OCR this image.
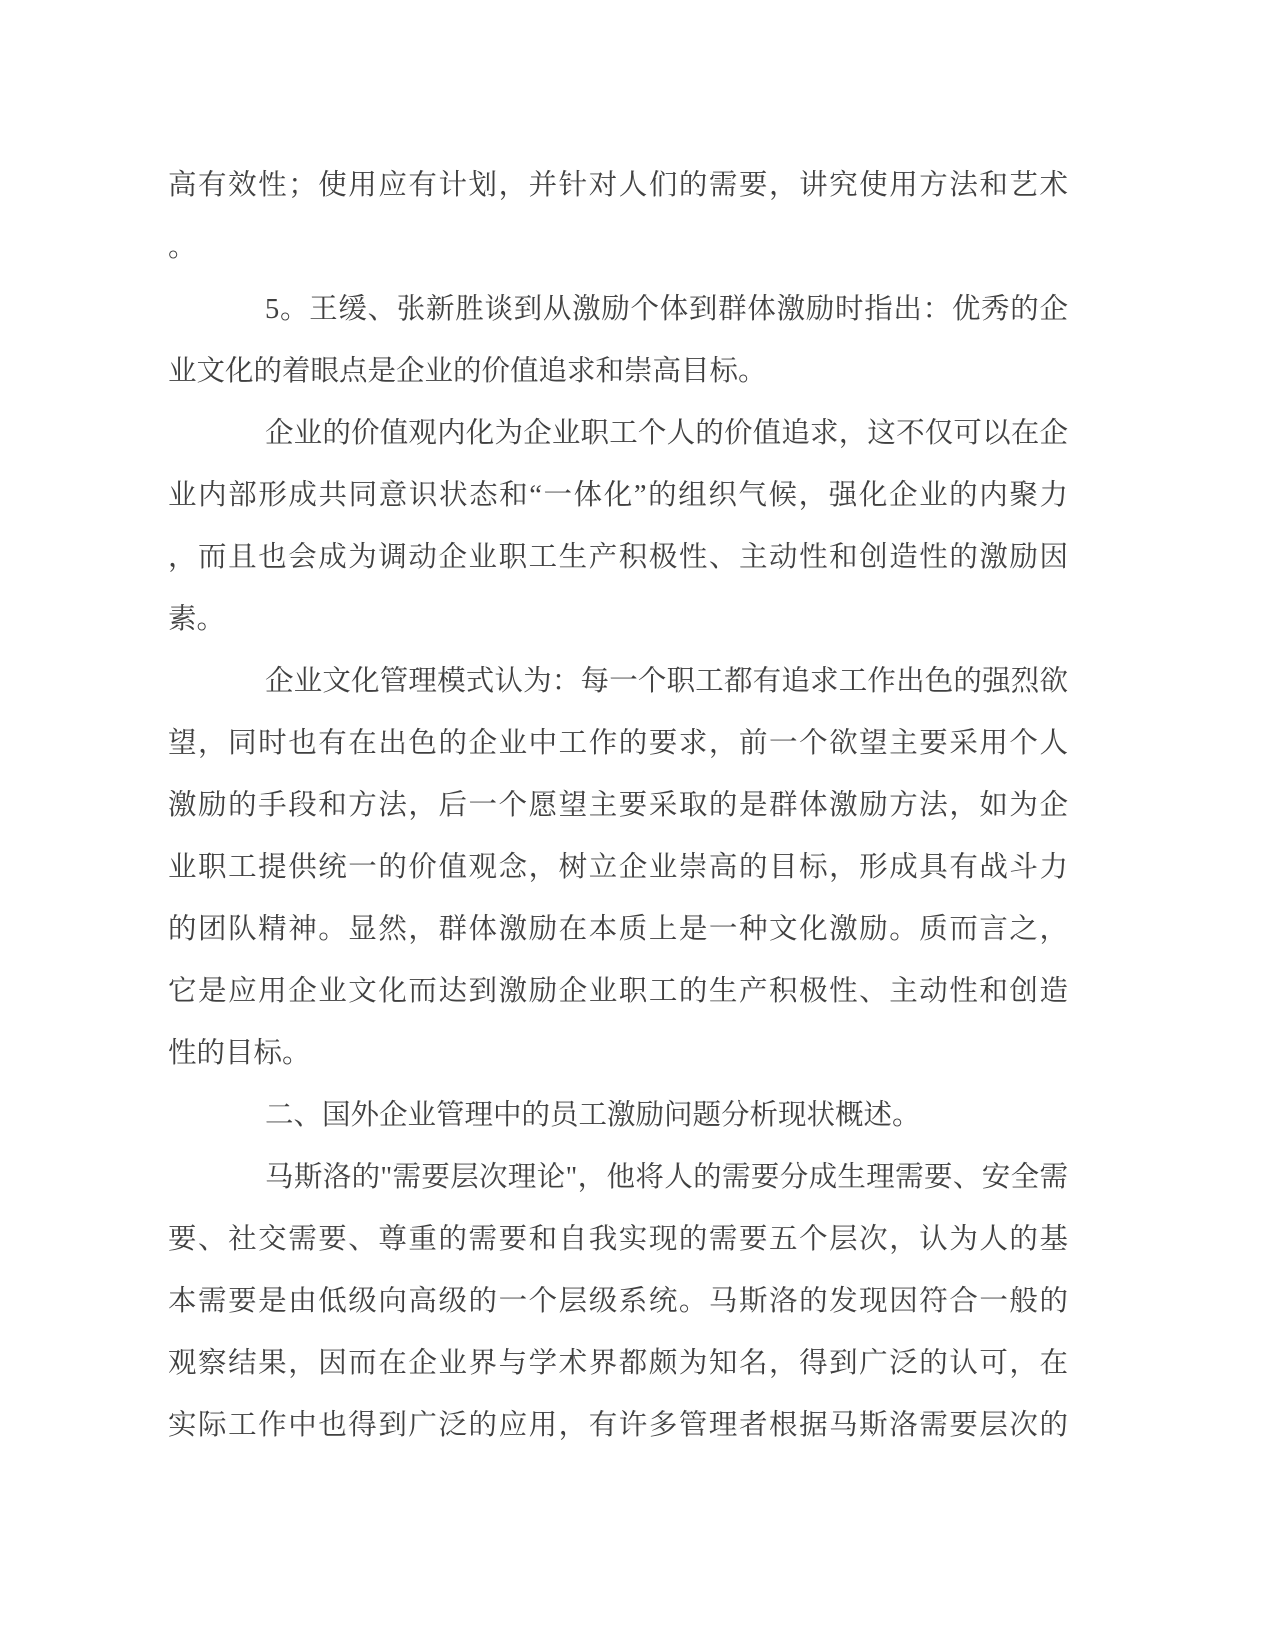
高有效性；使用应有计划，并针对人们的需要，讲究使用方法和艺术
。
5。王缓、张新胜谈到从激励个体到群体激励时指出：优秀的企
业文化的着眼点是企业的价值追求和崇高目标。
企业的价值观内化为企业职工个人的价值追求，这不仅可以在企
业内部形成共同意识状态和“一体化”的组织气候，强化企业的内聚力
，而且也会成为调动企业职工生产积极性、主动性和创造性的激励因
素。
企业文化管理模式认为：每一个职工都有追求工作出色的强烈欲
望，同时也有在出色的企业中工作的要求，前一个欲望主要采用个人
激励的手段和方法，后一个愿望主要采取的是群体激励方法，如为企
业职工提供统一的价值观念，树立企业崇高的目标，形成具有战斗力
的团队精神。显然，群体激励在本质上是一种文化激励。质而言之，
它是应用企业文化而达到激励企业职工的生产积极性、主动性和创造
性的目标。
二、国外企业管理中的员工激励问题分析现状概述。
马斯洛的"需要层次理论"，他将人的需要分成生理需要、安全需
要、社交需要、尊重的需要和自我实现的需要五个层次，认为人的基
本需要是由低级向高级的一个层级系统。马斯洛的发现因符合一般的
观察结果，因而在企业界与学术界都颇为知名，得到广泛的认可，在
实际工作中也得到广泛的应用，有许多管理者根据马斯洛需要层次的
